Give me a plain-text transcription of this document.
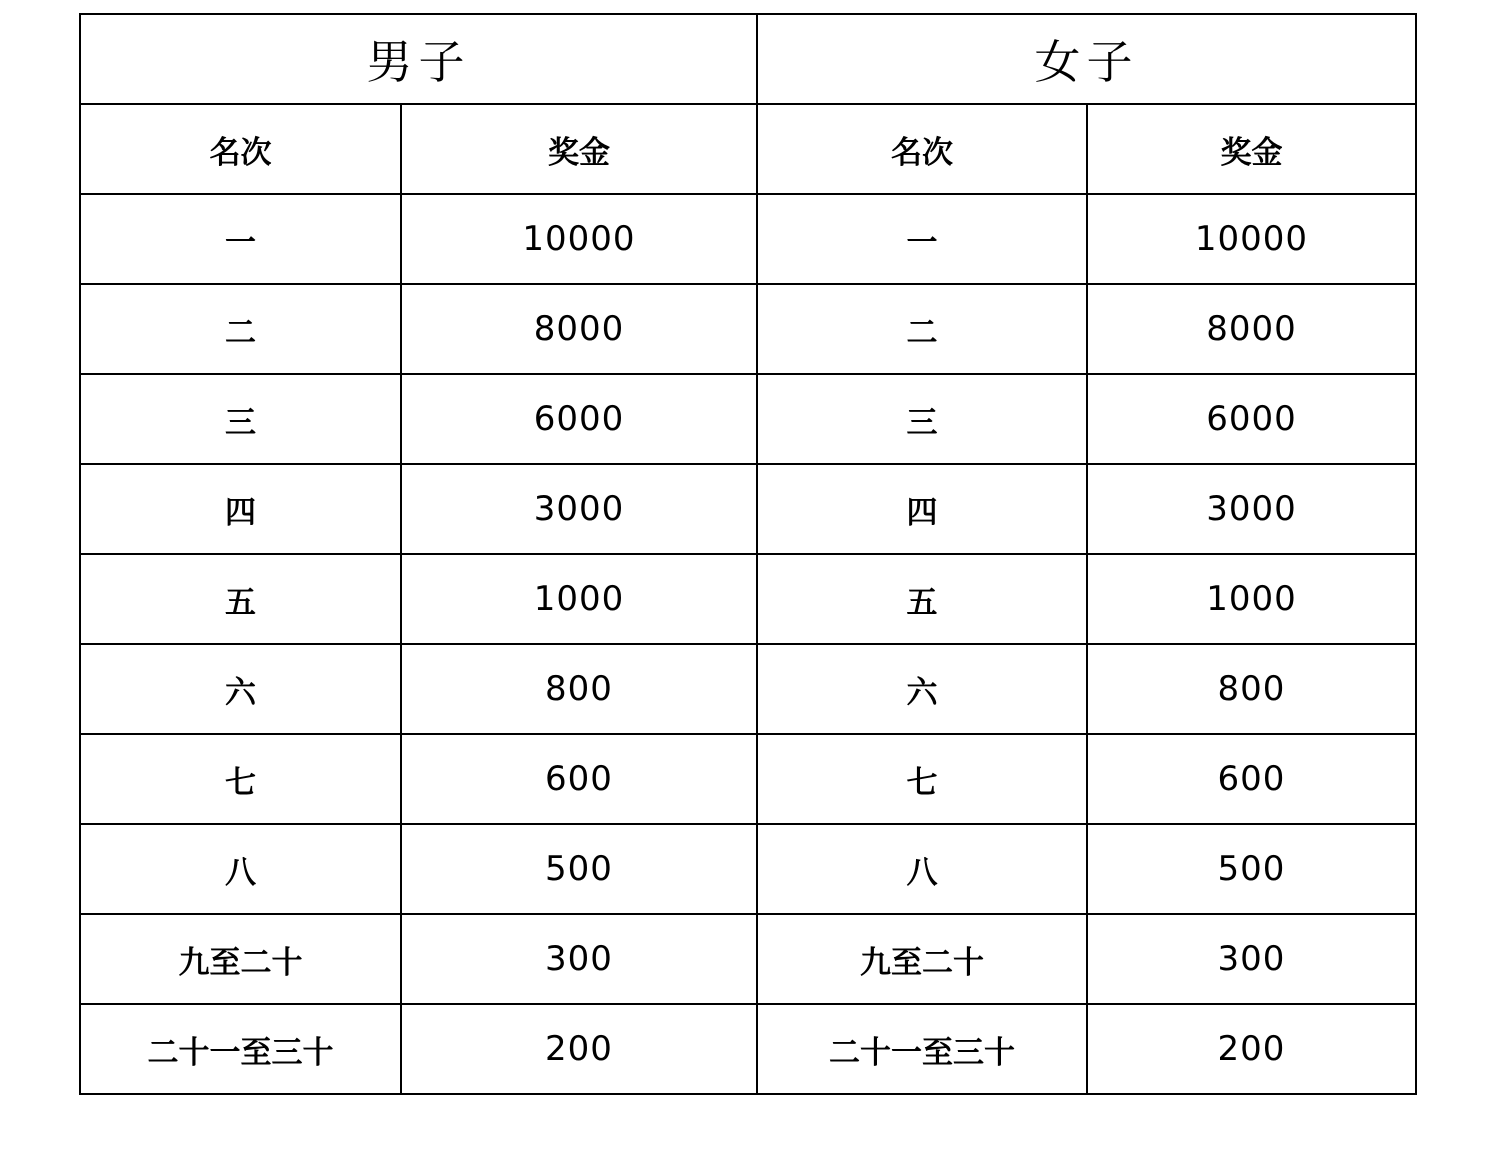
男子		女子	
名次	奖金	名次	奖金
一	10000	一	10000
二	8000	二	8000
三	6000	三	6000
四	3000	四	3000
五	1000	五	1000
六	800	六	800
七	600	七	600
八	500	八	500
九至二十	300	九至二十	300
二十一至三十	200	二十一至三十	200
